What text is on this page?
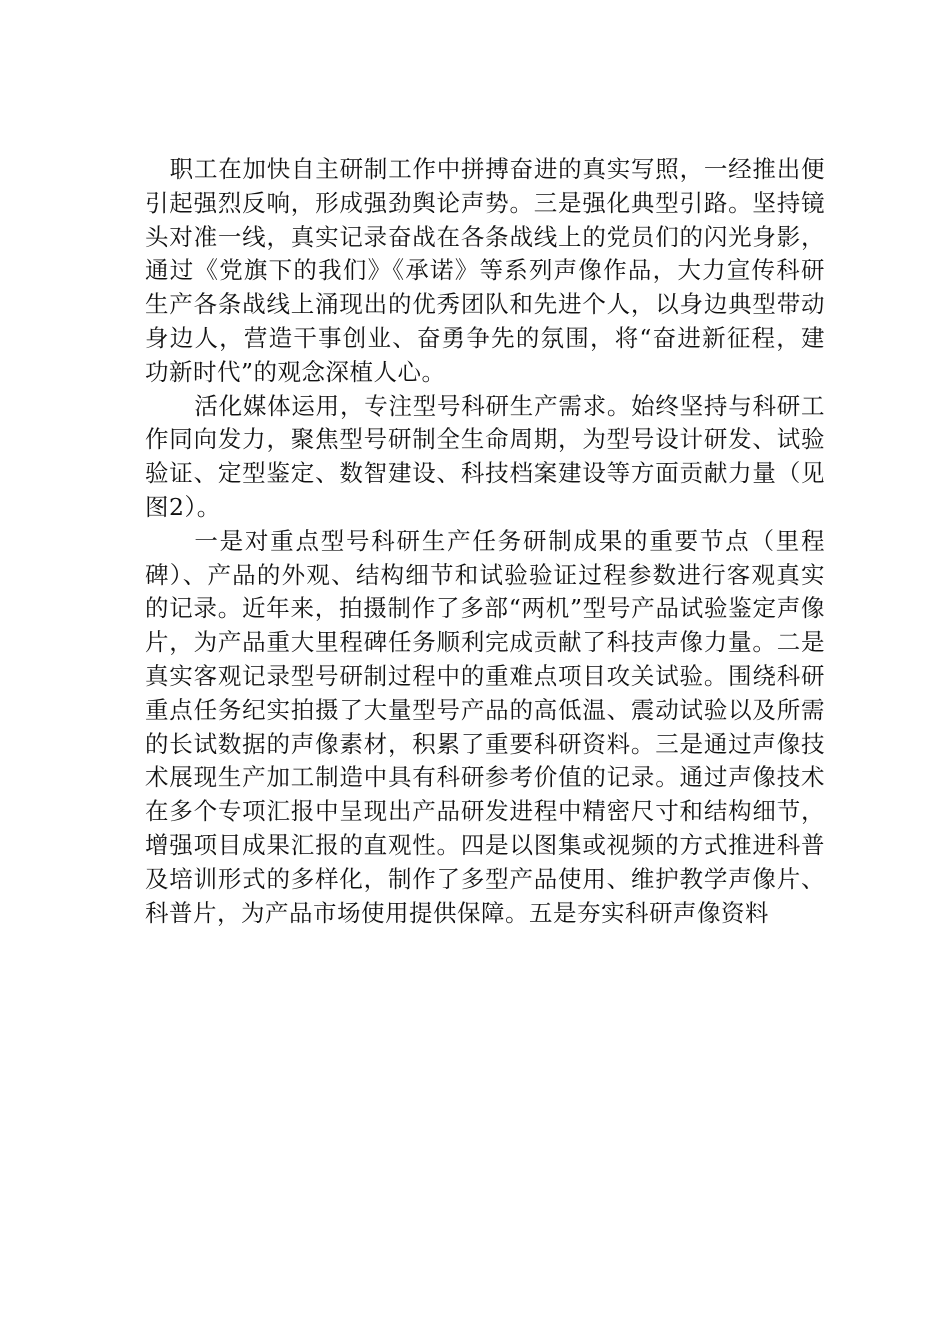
职工在加快自主研制工作中拼搏奋进的真实写照，一经推出便引起强烈反响，形成强劲舆论声势。三是强化典型引路。坚持镜头对准一线，真实记录奋战在各条战线上的党员们的闪光身影，通过《党旗下的我们》《承诺》等系列声像作品，大力宣传科研生产各条战线上涌现出的优秀团队和先进个人，以身边典型带动身边人，营造干事创业、奋勇争先的氛围，将“奋进新征程，建功新时代”的观念深植人心。

活化媒体运用，专注型号科研生产需求。始终坚持与科研工作同向发力，聚焦型号研制全生命周期，为型号设计研发、试验验证、定型鉴定、数智建设、科技档案建设等方面贡献力量（见图2）。

一是对重点型号科研生产任务研制成果的重要节点（里程碑）、产品的外观、结构细节和试验验证过程参数进行客观真实的记录。近年来，拍摄制作了多部“两机”型号产品试验鉴定声像片，为产品重大里程碑任务顺利完成贡献了科技声像力量。二是真实客观记录型号研制过程中的重难点项目攻关试验。围绕科研重点任务纪实拍摄了大量型号产品的高低温、震动试验以及所需的长试数据的声像素材，积累了重要科研资料。三是通过声像技术展现生产加工制造中具有科研参考价值的记录。通过声像技术在多个专项汇报中呈现出产品研发进程中精密尺寸和结构细节，增强项目成果汇报的直观性。四是以图集或视频的方式推进科普及培训形式的多样化，制作了多型产品使用、维护教学声像片、科普片，为产品市场使用提供保障。五是夯实科研声像资料
